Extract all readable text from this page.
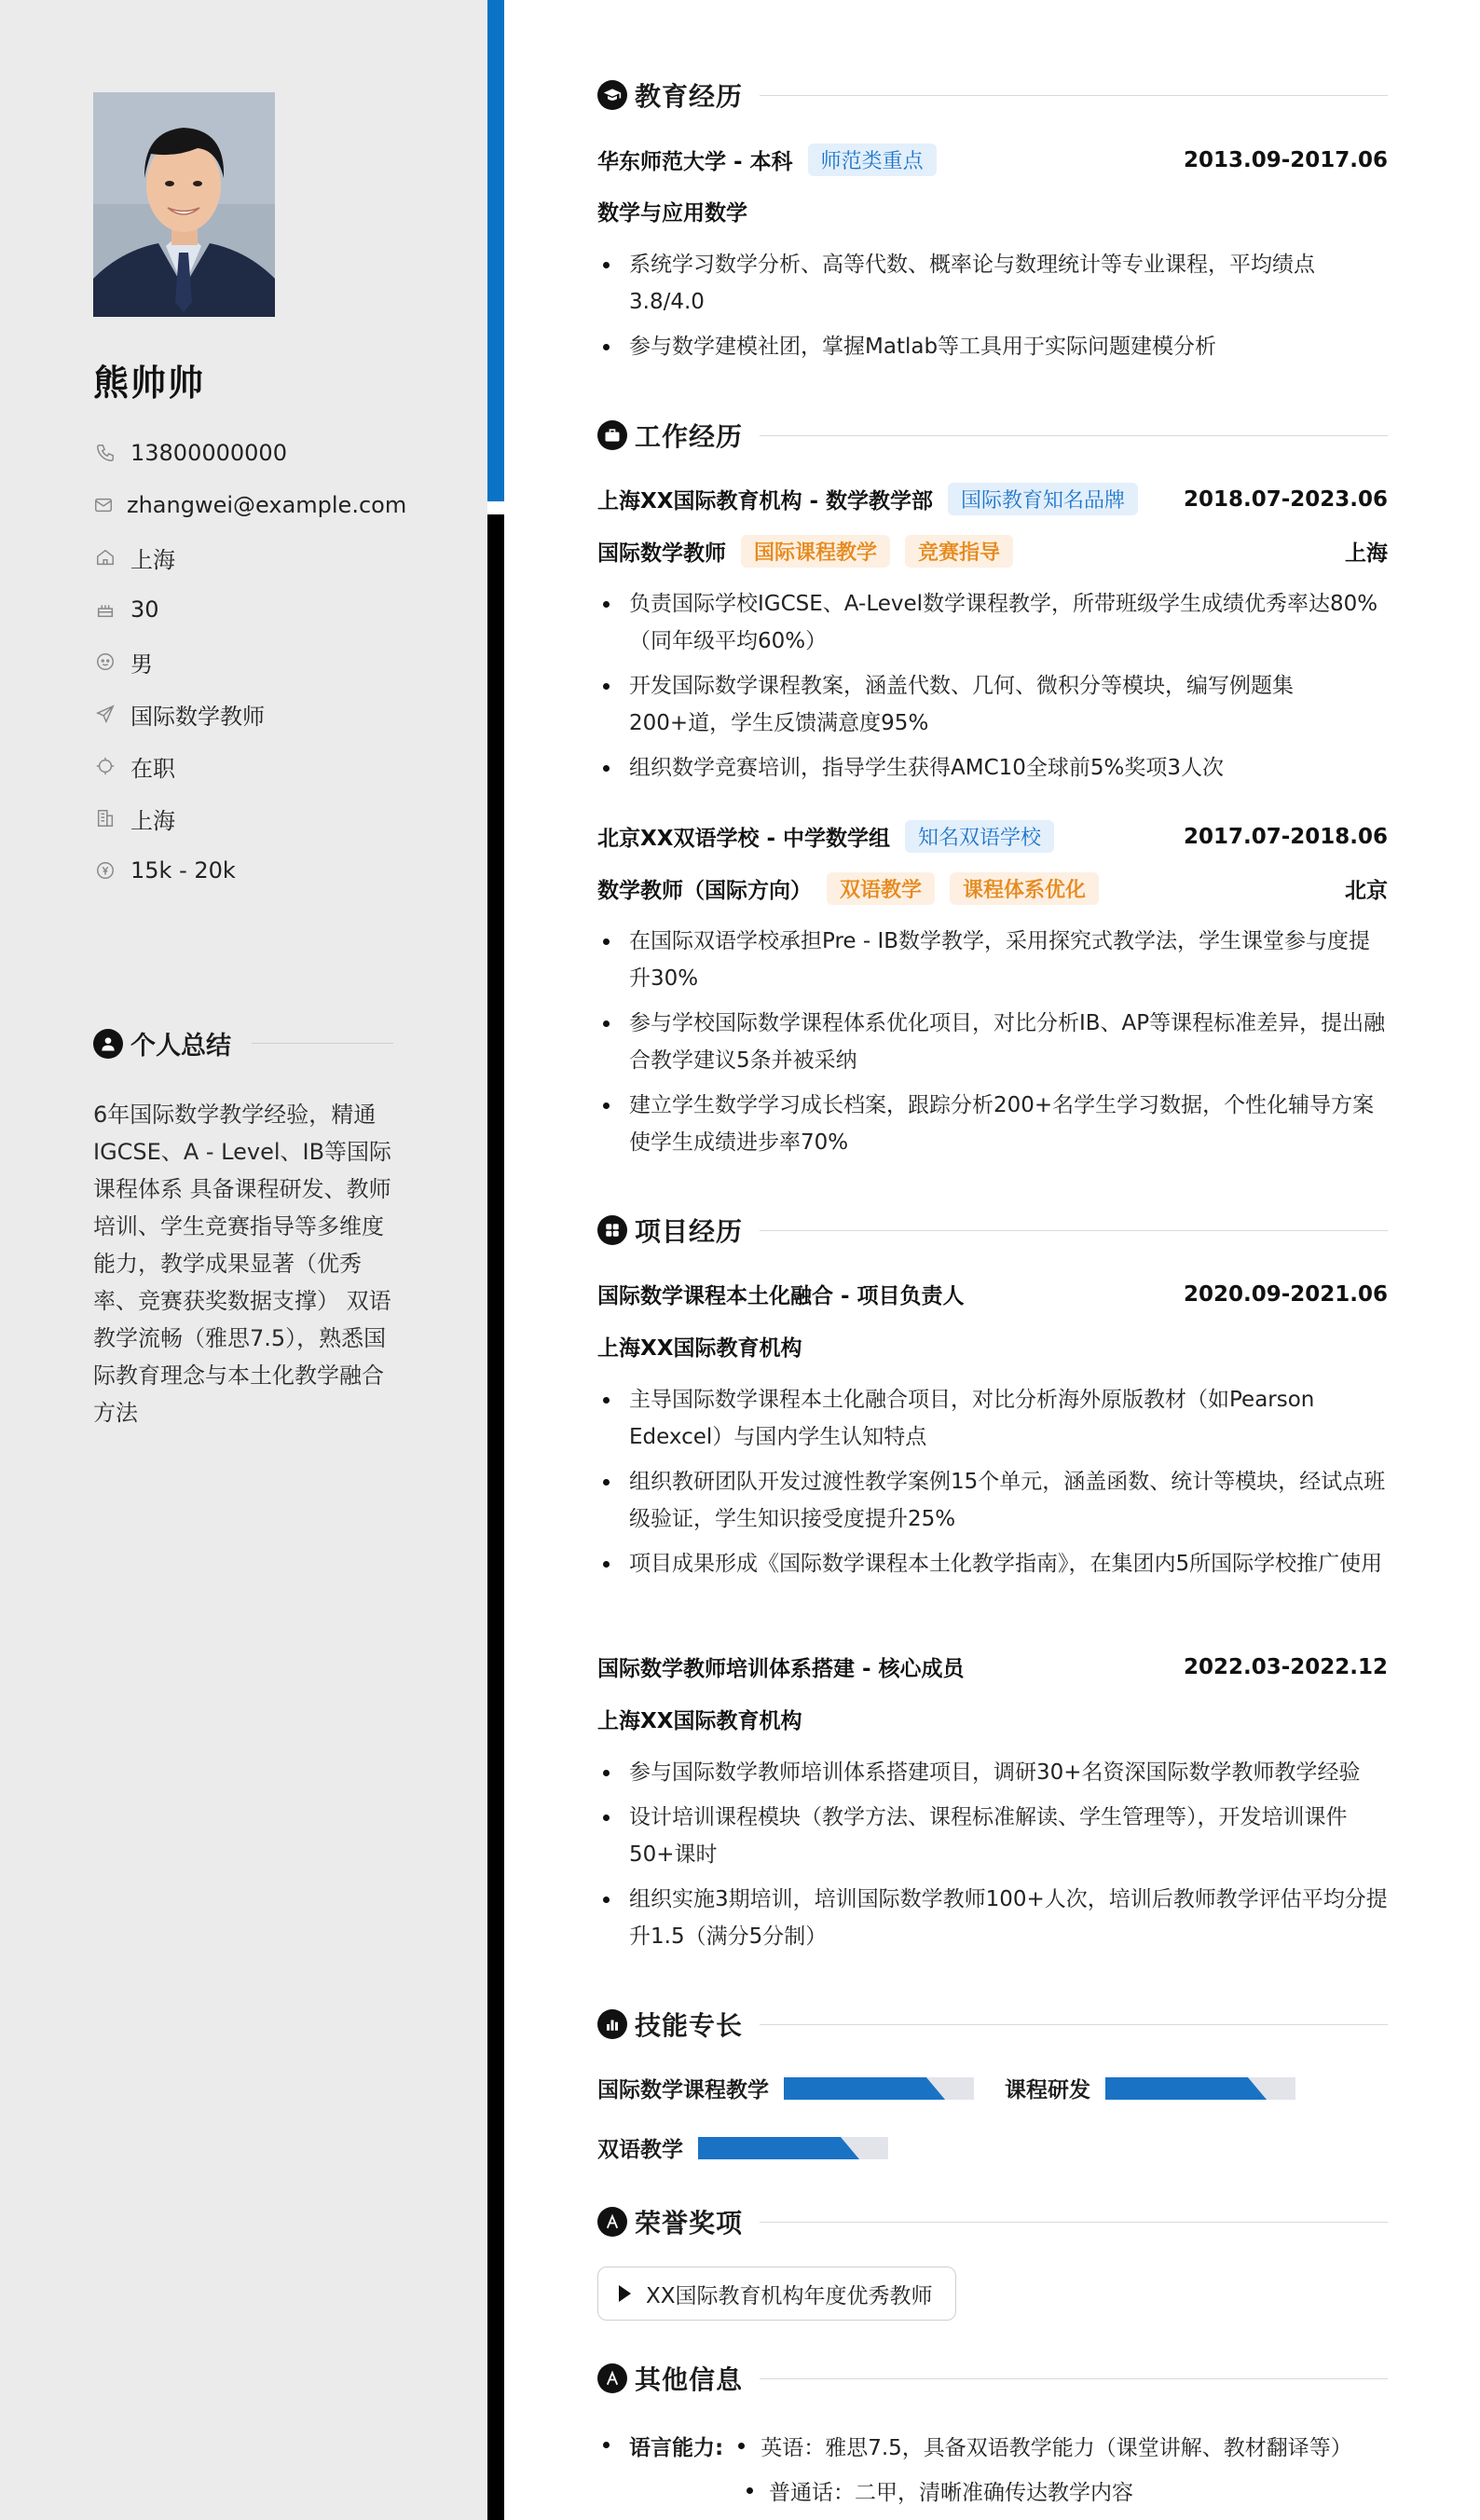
熊帅帅
13800000000
zhangwei@example.com
上海
30
男
国际数学教师
在职
上海
15k - 20k
个人总结
6年国际数学教学经验，精通IGCSE、A - Level、IB等国际课程体系 具备课程研发、教师培训、学生竞赛指导等多维度能力，教学成果显著（优秀率、竞赛获奖数据支撑） 双语教学流畅（雅思7.5），熟悉国际教育理念与本土化教学融合方法
教育经历
华东师范大学 - 本科	师范类重点	2013.09-2017.06
数学与应用数学
系统学习数学分析、高等代数、概率论与数理统计等专业课程，平均绩点3.8/4.0
参与数学建模社团，掌握Matlab等工具用于实际问题建模分析
工作经历
上海XX国际教育机构 - 数学教学部	国际教育知名品牌	2018.07-2023.06
国际数学教师	国际课程教学	竞赛指导	上海
负责国际学校IGCSE、A-Level数学课程教学，所带班级学生成绩优秀率达80%（同年级平均60%）
开发国际数学课程教案，涵盖代数、几何、微积分等模块，编写例题集200+道，学生反馈满意度95%
组织数学竞赛培训，指导学生获得AMC10全球前5%奖项3人次
北京XX双语学校 - 中学数学组	知名双语学校	2017.07-2018.06
数学教师（国际方向）	双语教学	课程体系优化	北京
在国际双语学校承担Pre - IB数学教学，采用探究式教学法，学生课堂参与度提升30%
参与学校国际数学课程体系优化项目，对比分析IB、AP等课程标准差异，提出融合教学建议5条并被采纳
建立学生数学学习成长档案，跟踪分析200+名学生学习数据，个性化辅导方案使学生成绩进步率70%
项目经历
国际数学课程本土化融合 - 项目负责人	2020.09-2021.06
上海XX国际教育机构
主导国际数学课程本土化融合项目，对比分析海外原版教材（如Pearson Edexcel）与国内学生认知特点
组织教研团队开发过渡性教学案例15个单元，涵盖函数、统计等模块，经试点班级验证，学生知识接受度提升25%
项目成果形成《国际数学课程本土化教学指南》，在集团内5所国际学校推广使用
国际数学教师培训体系搭建 - 核心成员	2022.03-2022.12
上海XX国际教育机构
参与国际数学教师培训体系搭建项目，调研30+名资深国际数学教师教学经验
设计培训课程模块（教学方法、课程标准解读、学生管理等），开发培训课件50+课时
组织实施3期培训，培训国际数学教师100+人次，培训后教师教学评估平均分提升1.5（满分5分制）
技能专长
国际数学课程教学	课程研发
双语教学
荣誉奖项
XX国际教育机构年度优秀教师
其他信息
语言能力: 英语：雅思7.5，具备双语教学能力（课堂讲解、教材翻译等）
普通话：二甲，清晰准确传达教学内容
